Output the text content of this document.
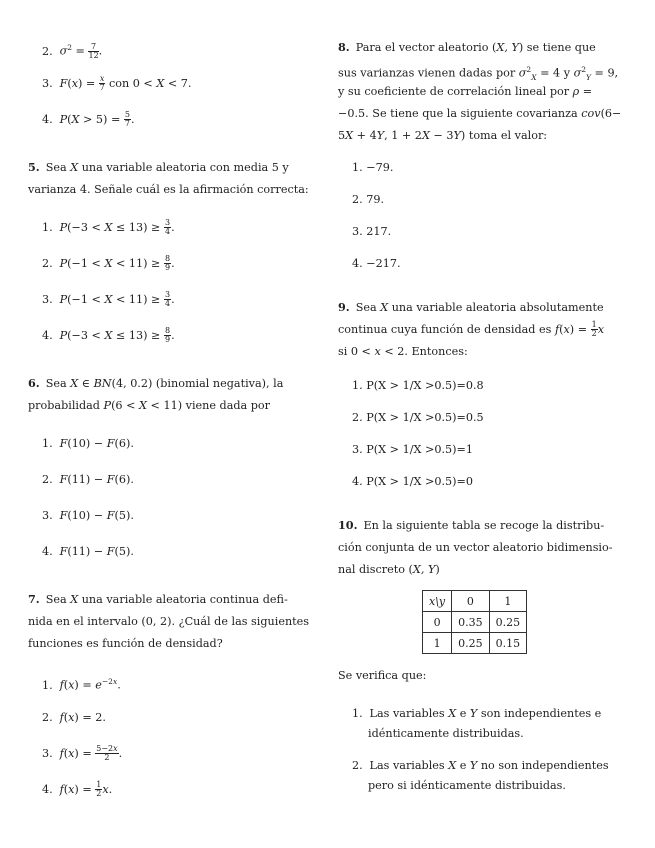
2. $\sigma^2 = \frac{7}{12}$ .
3. $F(x) = \frac{x}{7}$ con 0 < X < 7.
4. $P(X > 5) = \frac{5}{7}$ .
5. Sea X una variable aleatoria con media 5 y
varianza 4. Señale cuál es la afirmación correcta:
1. $P(-3 < X \le 13) \ge \frac{3}{4}$ .
2. $P(-1 < X < 11) \ge \frac{8}{9}$ .
3. $P(-1 < X < 11) \ge \frac{3}{4}$ .
4. $P(-3 < X \le 13) \ge \frac{8}{9}$ .
6. Sea X ∈ BN(4, 0.2) (binomial negativa), la
probabilidad P(6 < X < 11) viene dada por
1. F(10) − F(6).
2. F(11) − F(6).
3. F(10) − F(5).
4. F(11) − F(5).
7. Sea X una variable aleatoria continua defi-
nida en el intervalo (0, 2). ¿Cuál de las siguientes
funciones es función de densidad?
1. $f(x) = e^{-2x}$.
2. f(x) = 2.
3. $f(x) = \frac{5-2x}{2}$ .
4. $f(x) = \frac{1}{2} x$.
8. Para el vector aleatorio (X, Y) se tiene que
sus varianzas vienen dadas por $\sigma^2_X = 4$ y $\sigma^2_Y = 9$,
y su coeficiente de correlación lineal por ρ =
−0.5. Se tiene que la siguiente covarianza cov(6−
5X + 4Y, 1 + 2X − 3Y) toma el valor:
1. −79.
2. 79.
3. 217.
4. −217.
9. Sea X una variable aleatoria absolutamente
continua cuya función de densidad es $f(x) = \frac{1}{2}$ x
si 0 < x < 2. Entonces:
1. P(X > 1/X >0.5)=0.8
2. P(X > 1/X >0.5)=0.5
3. P(X > 1/X >0.5)=1
4. P(X > 1/X >0.5)=0
10. En la siguiente tabla se recoge la distribu-
ción conjunta de un vector aleatorio bidimensio-
nal discreto (X, Y)
x\y	0	1
0	0.35	0.25
1	0.25	0.15
Se verifica que:
1. Las variables X e Y son independientes e
idénticamente distribuidas.
2. Las variables X e Y no son independientes
pero si idénticamente distribuidas.
